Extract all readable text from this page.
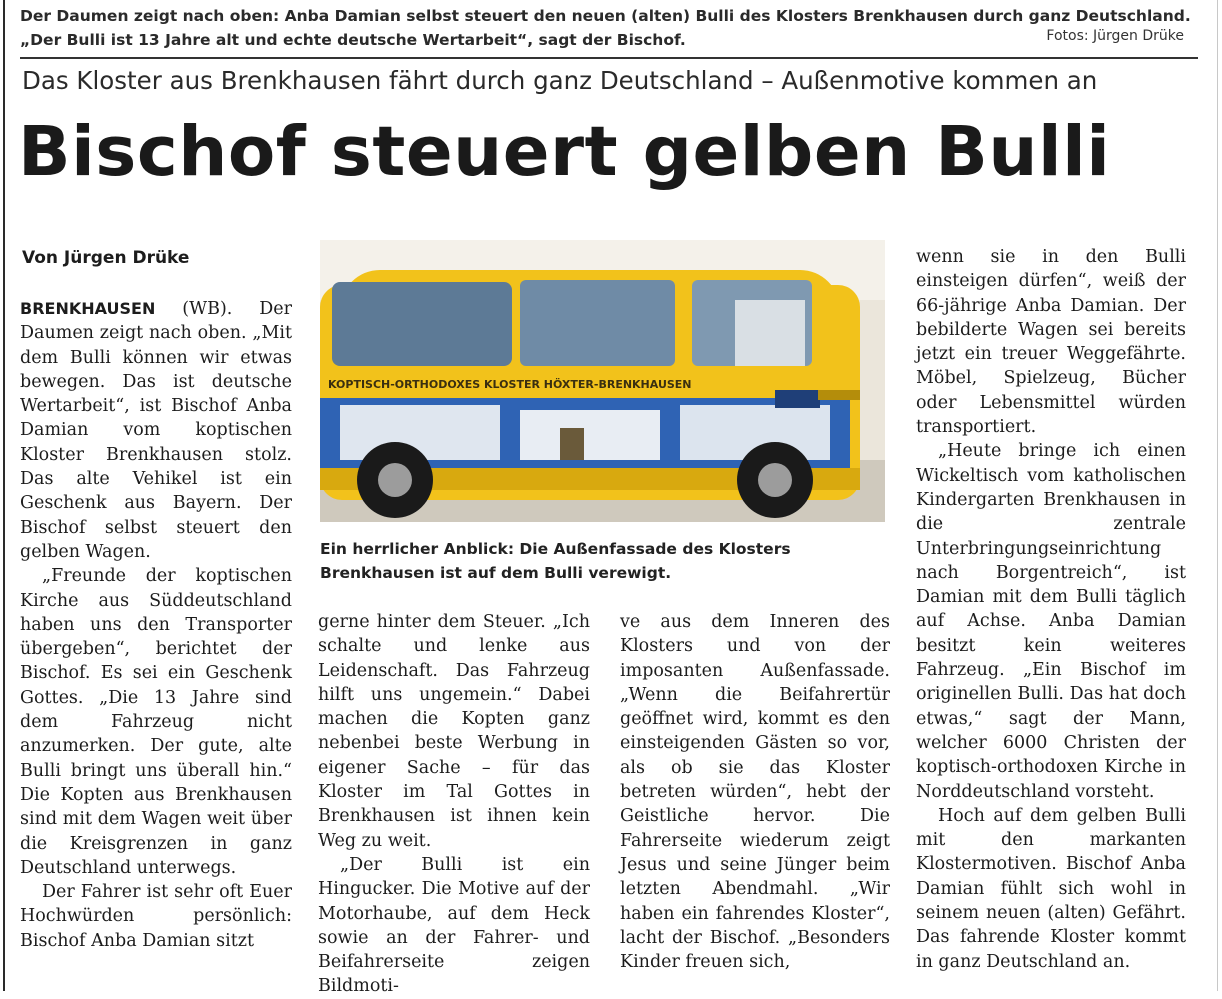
Der Daumen zeigt nach oben: Anba Damian selbst steuert den neuen (alten) Bulli des Klosters Brenkhausen durch ganz Deutschland. „Der Bulli ist 13 Jahre alt und echte deutsche Wertarbeit“, sagt der Bischof.	Fotos: Jürgen Drüke
Das Kloster aus Brenkhausen fährt durch ganz Deutschland – Außenmotive kommen an
Bischof steuert gelben Bulli
Von Jürgen Drüke

BRENKHAUSEN (WB). Der Daumen zeigt nach oben. „Mit dem Bulli können wir etwas bewegen. Das ist deutsche Wertarbeit“, ist Bischof Anba Damian vom koptischen Kloster Brenkhausen stolz. Das alte Vehikel ist ein Geschenk aus Bayern. Der Bischof selbst steuert den gelben Wagen.

„Freunde der koptischen Kirche aus Süddeutschland haben uns den Transporter übergeben“, berichtet der Bischof. Es sei ein Geschenk Gottes. „Die 13 Jahre sind dem Fahrzeug nicht anzumerken. Der gute, alte Bulli bringt uns überall hin.“ Die Kopten aus Brenkhausen sind mit dem Wagen weit über die Kreisgrenzen in ganz Deutschland unterwegs.

Der Fahrer ist sehr oft Euer Hochwürden persönlich: Bischof Anba Damian sitzt

KOPTISCH-ORTHODOXES KLOSTER HÖXTER-BRENKHAUSEN
Ein herrlicher Anblick: Die Außenfassade des Klosters Brenkhausen ist auf dem Bulli verewigt.

gerne hinter dem Steuer. „Ich schalte und lenke aus Leidenschaft. Das Fahrzeug hilft uns ungemein.“ Dabei machen die Kopten ganz nebenbei beste Werbung in eigener Sache – für das Kloster im Tal Gottes in Brenkhausen ist ihnen kein Weg zu weit.

„Der Bulli ist ein Hingucker. Die Motive auf der Motorhaube, auf dem Heck sowie an der Fahrer- und Beifahrerseite zeigen Bildmoti-

ve aus dem Inneren des Klosters und von der imposanten Außenfassade. „Wenn die Beifahrertür geöffnet wird, kommt es den einsteigenden Gästen so vor, als ob sie das Kloster betreten würden“, hebt der Geistliche hervor. Die Fahrerseite wiederum zeigt Jesus und seine Jünger beim letzten Abendmahl. „Wir haben ein fahrendes Kloster“, lacht der Bischof. „Besonders Kinder freuen sich,

wenn sie in den Bulli einsteigen dürfen“, weiß der 66-jährige Anba Damian. Der bebilderte Wagen sei bereits jetzt ein treuer Weggefährte. Möbel, Spielzeug, Bücher oder Lebensmittel würden transportiert.

„Heute bringe ich einen Wickeltisch vom katholischen Kindergarten Brenkhausen in die zentrale Unterbringungseinrichtung nach Borgentreich“, ist Damian mit dem Bulli täglich auf Achse. Anba Damian besitzt kein weiteres Fahrzeug. „Ein Bischof im originellen Bulli. Das hat doch etwas,“ sagt der Mann, welcher 6000 Christen der koptisch-orthodoxen Kirche in Norddeutschland vorsteht.

Hoch auf dem gelben Bulli mit den markanten Klostermotiven. Bischof Anba Damian fühlt sich wohl in seinem neuen (alten) Gefährt. Das fahrende Kloster kommt in ganz Deutschland an.
